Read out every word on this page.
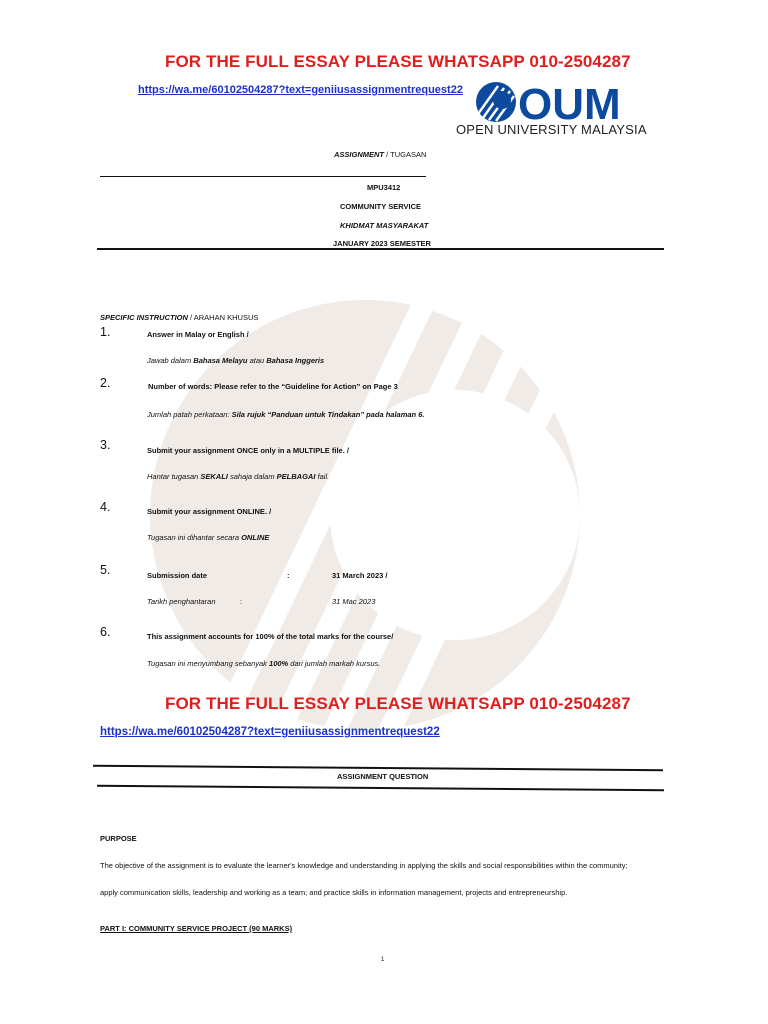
FOR THE FULL ESSAY PLEASE WHATSAPP 010-2504287
https://wa.me/60102504287?text=geniiusassignmentrequest22 OUM
OPEN UNIVERSITY MALAYSIA
ASSIGNMENT / TUGASAN
MPU3412
COMMUNITY SERVICE
KHIDMAT MASYARAKAT
JANUARY 2023 SEMESTER
SPECIFIC INSTRUCTION / ARAHAN KHUSUS
1.	Answer in Malay or English /
Jawab dalam Bahasa Melayu atau Bahasa Inggeris
2.	Number of words: Please refer to the “Guideline for Action” on Page 3
Jumlah patah perkataan: Sila rujuk “Panduan untuk Tindakan” pada halaman 6.
3.	Submit your assignment ONCE only in a MULTIPLE file. /
Hantar tugasan SEKALI sahaja dalam PELBAGAI fail.
4.	Submit your assignment ONLINE. /
Tugasan ini dihantar secara ONLINE
5.	Submission date	:	31 March 2023 /
Tarikh penghantaran	:	31 Mac 2023
6.	This assignment accounts for 100% of the total marks for the course/
Tugasan ini menyumbang sebanyak 100% dari jumlah markah kursus.
FOR THE FULL ESSAY PLEASE WHATSAPP 010-2504287
https://wa.me/60102504287?text=geniiusassignmentrequest22
ASSIGNMENT QUESTION
PURPOSE
The objective of the assignment is to evaluate the learner's knowledge and understanding in applying the skills and social responsibilities within the community;
apply communication skills, leadership and working as a team; and practice skills in information management, projects and entrepreneurship.
PART I: COMMUNITY SERVICE PROJECT (90 MARKS)
1
